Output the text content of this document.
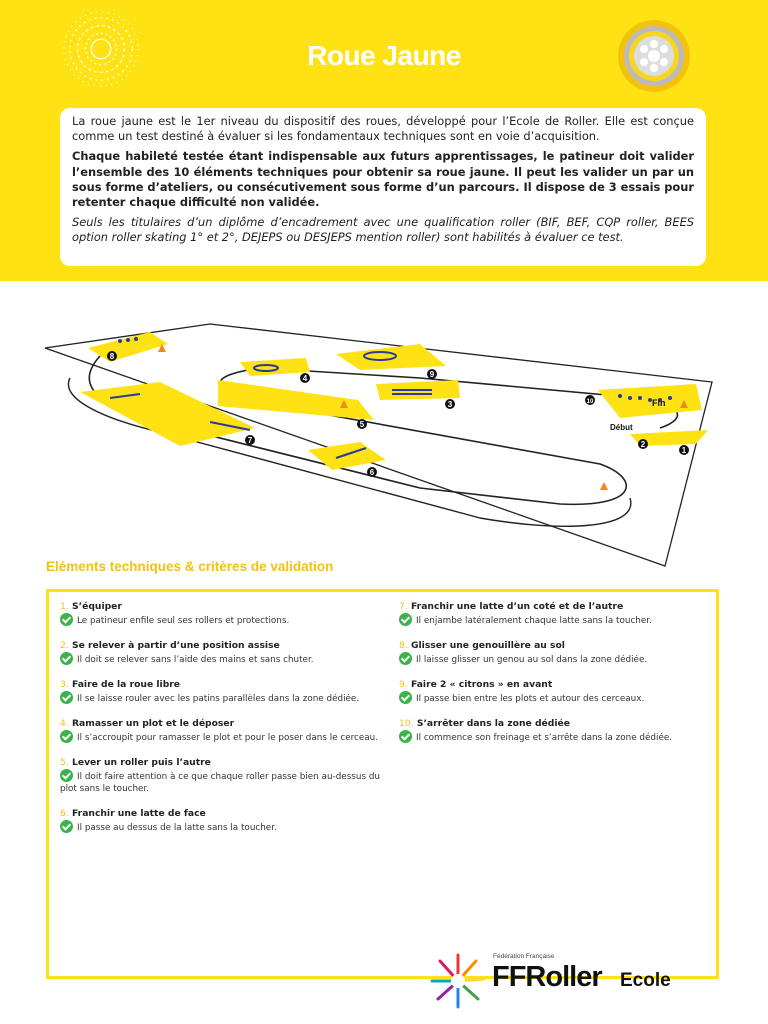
Roue Jaune

La roue jaune est le 1er niveau du dispositif des roues, développé pour l’Ecole de Roller. Elle est conçue comme un test destiné à évaluer si les fondamentaux techniques sont en voie d’acquisition.

Chaque habileté testée étant indispensable aux futurs apprentissages, le patineur doit valider l’ensemble des 10 éléments techniques pour obtenir sa roue jaune. Il peut les valider un par un sous forme d’ateliers, ou consécutivement sous forme d’un parcours. Il dispose de 3 essais pour retenter chaque difficulté non validée.

Seuls les titulaires d’un diplôme d’encadrement avec une qualification roller (BIF, BEF, CQP roller, BEES option roller skating 1° et 2°, DEJEPS ou DESJEPS mention roller) sont habilités à évaluer ce test.

8
4	9
3
5
7
6
10
2
1
Début
Fin
Eléments techniques & critères de validation
1. S’équiper
Le patineur enfile seul ses rollers et protections.
2. Se relever à partir d’une position assise
Il doit se relever sans l’aide des mains et sans chuter.
3. Faire de la roue libre
Il se laisse rouler avec les patins parallèles dans la zone dédiée.
4. Ramasser un plot et le déposer
Il s’accroupit pour ramasser le plot et pour le poser dans le cerceau.
5. Lever un roller puis l’autre
Il doit faire attention à ce que chaque roller passe bien au-dessus du plot sans le toucher.
6. Franchir une latte de face
Il passe au dessus de la latte sans la toucher.
7. Franchir une latte d’un coté et de l’autre
Il enjambe latéralement chaque latte sans la toucher.
8. Glisser une genouillère au sol
Il laisse glisser un genou au sol dans la zone dédiée.
9. Faire 2 « citrons » en avant
Il passe bien entre les plots et autour des cerceaux.
10. S’arrêter dans la zone dédiée
Il commence son freinage et s’arrête dans la zone dédiée.
Fédération Française
FFRoller Ecole
